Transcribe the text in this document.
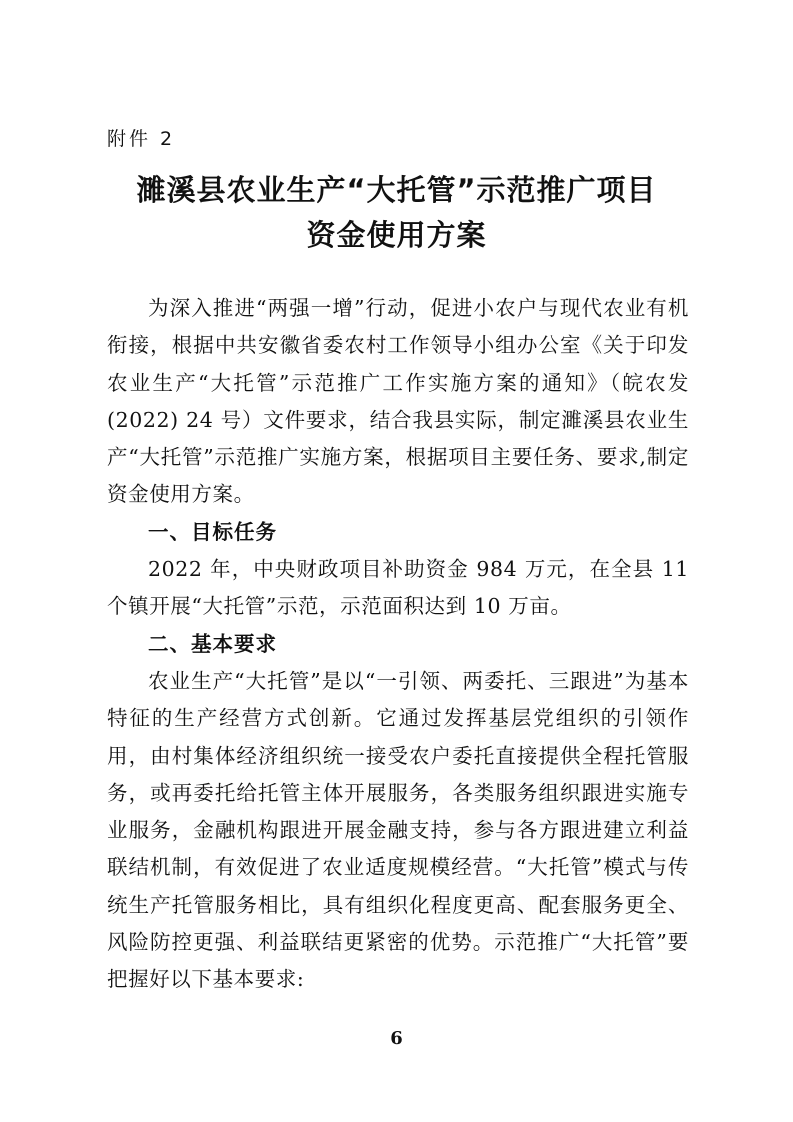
附件 2
濉溪县农业生产“大托管”示范推广项目
资金使用方案

为深入推进“两强一增”行动，促进小农户与现代农业有机衔接，根据中共安徽省委农村工作领导小组办公室《关于印发农业生产“大托管”示范推广工作实施方案的通知》（皖农发(2022) 24 号）文件要求，结合我县实际，制定濉溪县农业生产“大托管”示范推广实施方案，根据项目主要任务、要求,制定资金使用方案。

一、目标任务

2022 年，中央财政项目补助资金 984 万元，在全县 11 个镇开展“大托管”示范，示范面积达到 10 万亩。

二、基本要求

农业生产“大托管”是以“一引领、两委托、三跟进”为基本特征的生产经营方式创新。它通过发挥基层党组织的引领作用，由村集体经济组织统一接受农户委托直接提供全程托管服务，或再委托给托管主体开展服务，各类服务组织跟进实施专业服务，金融机构跟进开展金融支持，参与各方跟进建立利益联结机制，有效促进了农业适度规模经营。“大托管”模式与传统生产托管服务相比，具有组织化程度更高、配套服务更全、风险防控更强、利益联结更紧密的优势。示范推广“大托管”要把握好以下基本要求:

6
